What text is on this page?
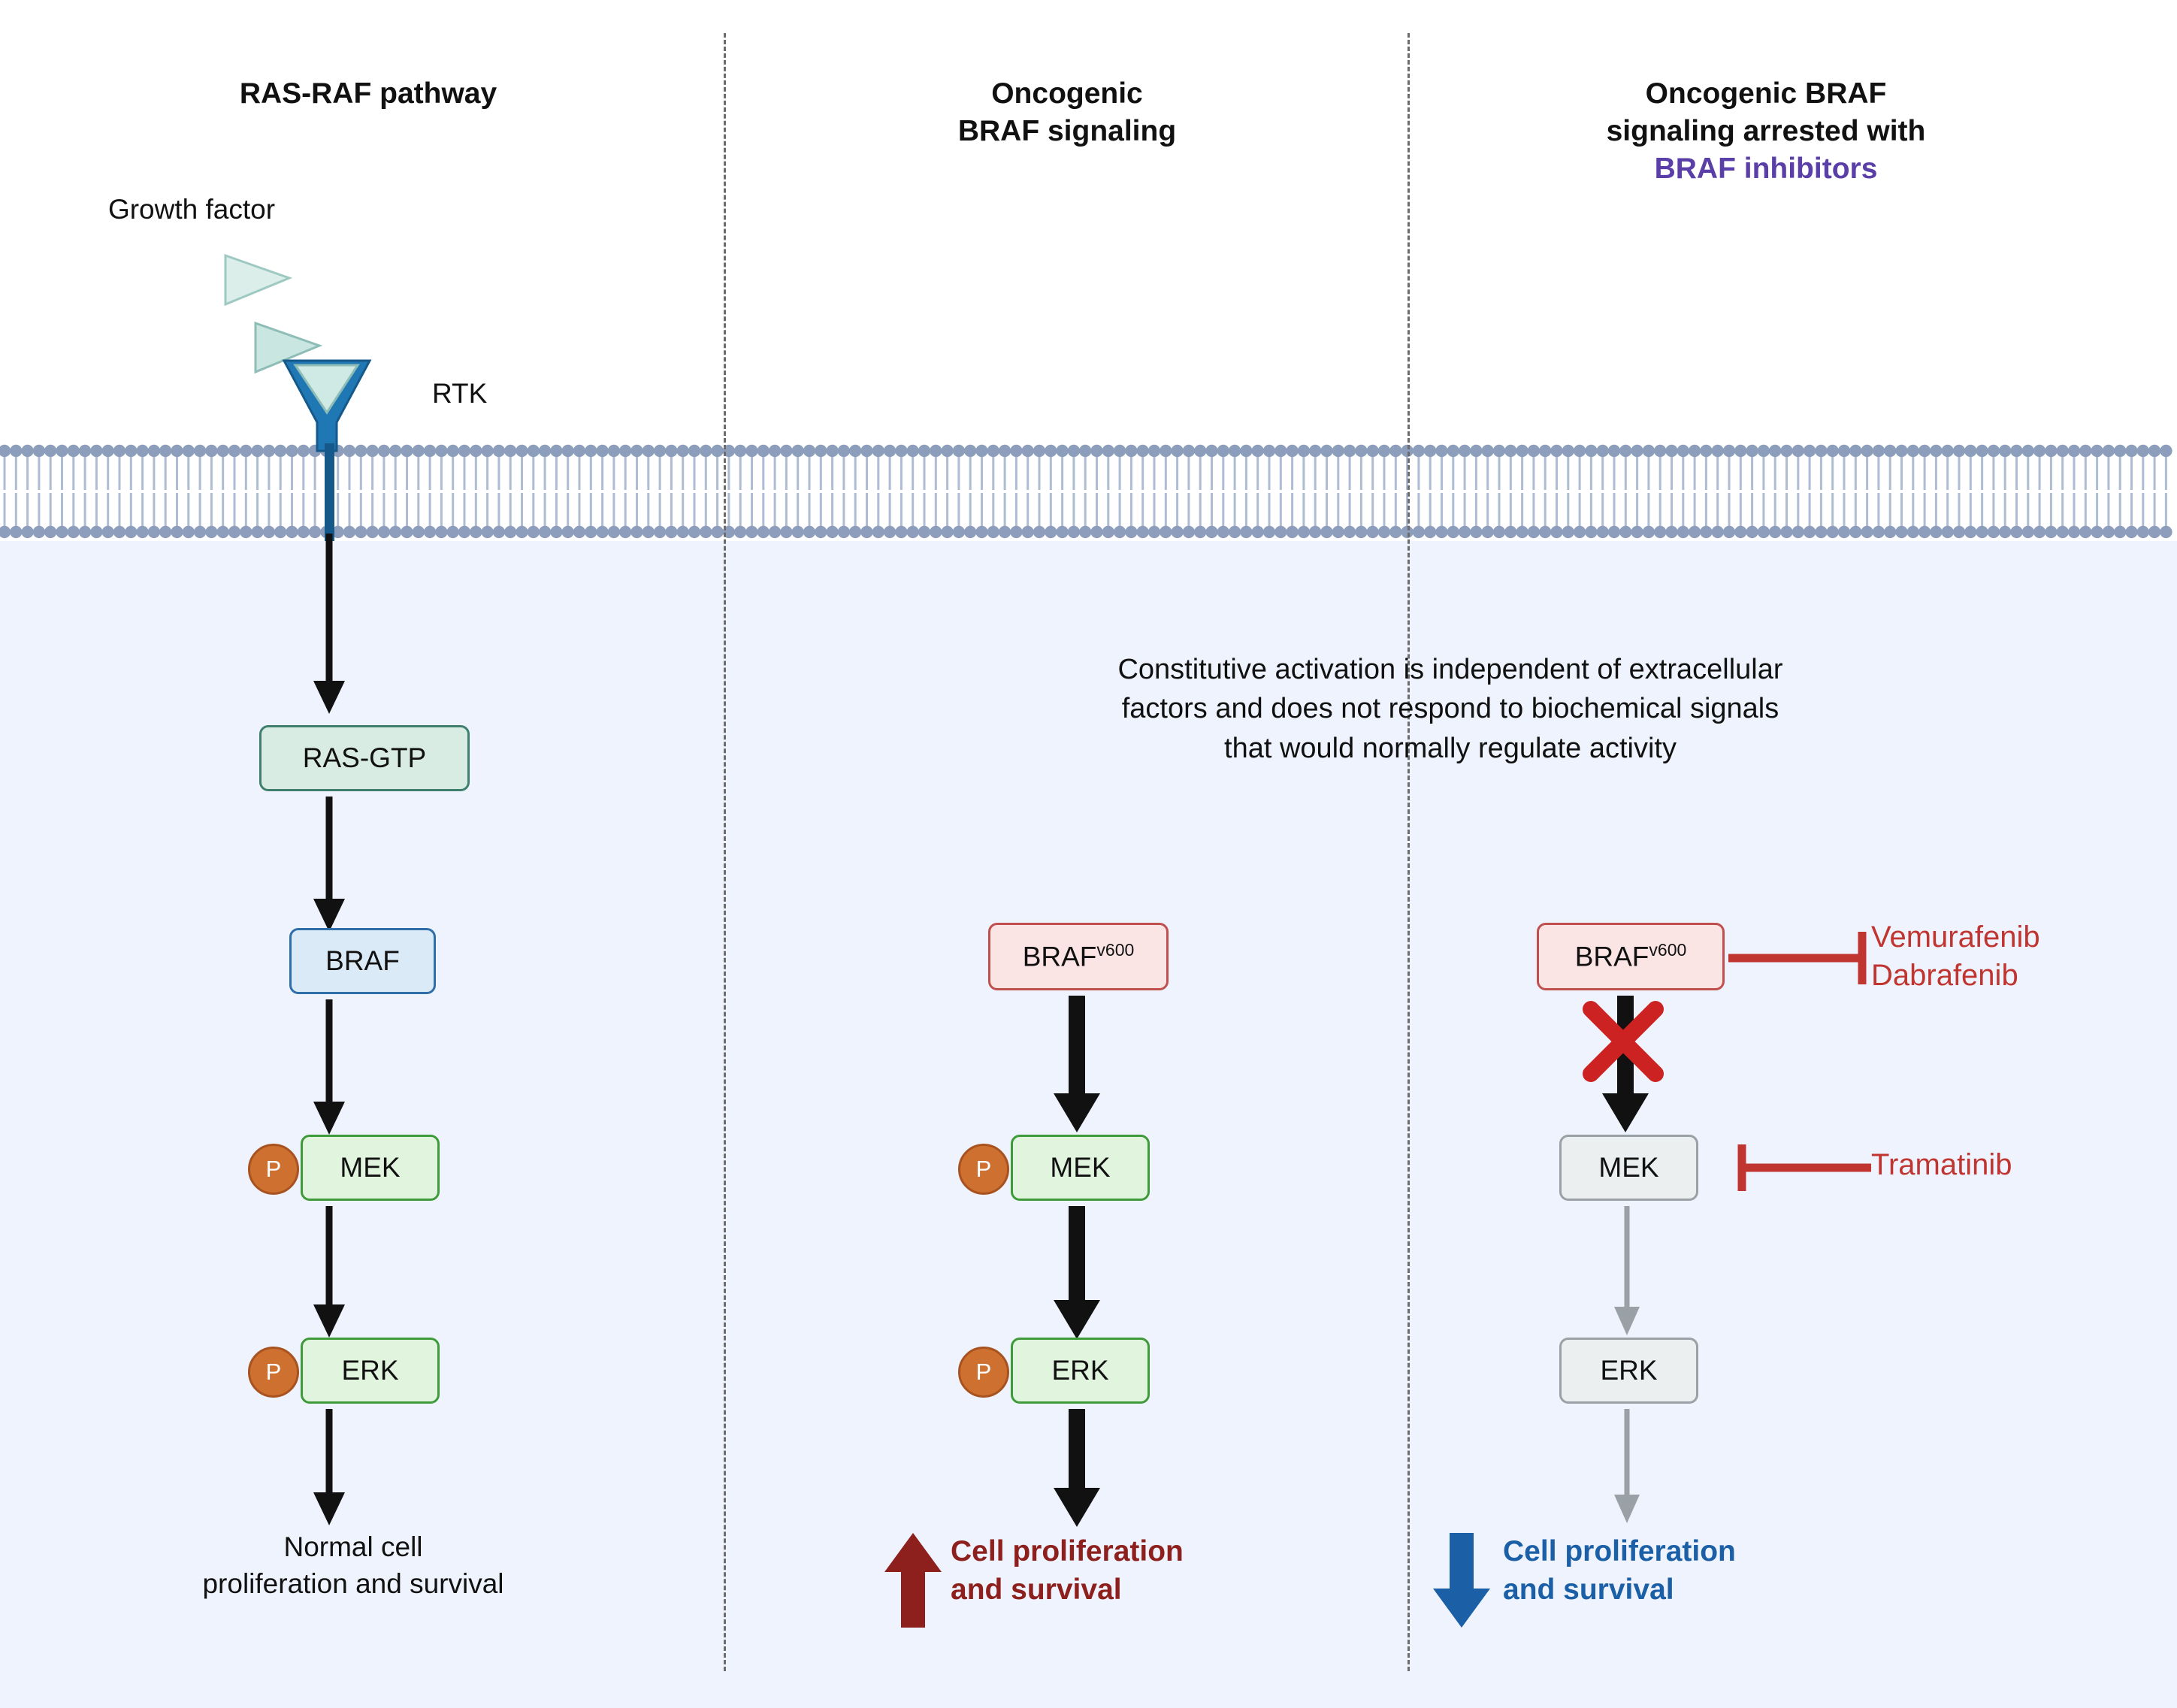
RAS-RAF pathway
Growth factor
RTK
RAS-GTP
BRAF
MEK
P
ERK
P
Normal cell
proliferation and survival
Oncogenic
BRAF signaling
Constitutive activation is independent of extracellular
factors and does not respond to biochemical signals
that would normally regulate activity
$BRAF^{v600}$
MEK
P
ERK
P
Cell proliferation
and survival
Oncogenic BRAF
signaling arrested with
BRAF inhibitors
$BRAF^{v600}$	Vemurafenib
Dabrafenib
MEK	Tramatinib
ERK
Cell proliferation
and survival
